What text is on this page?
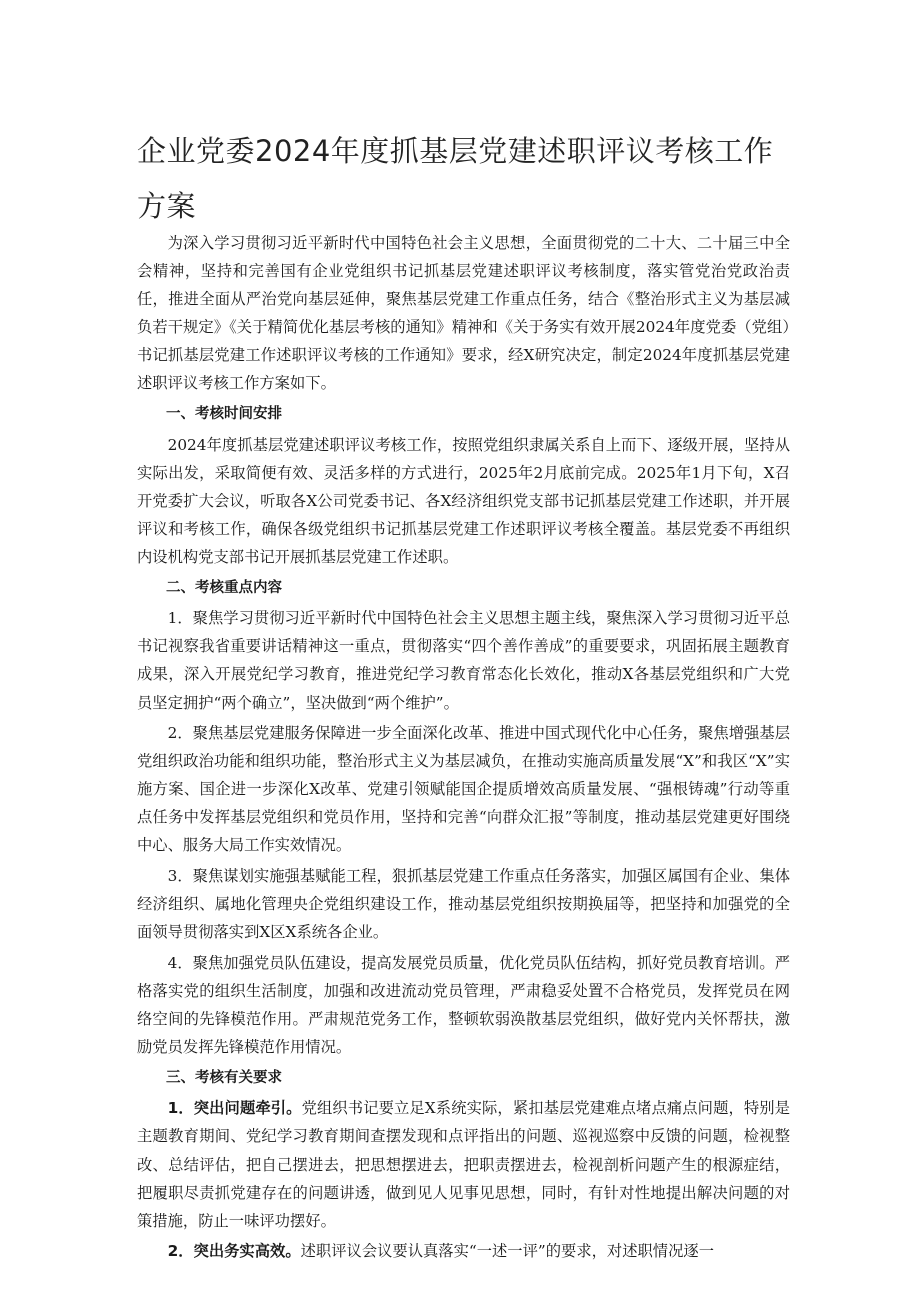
企业党委2024年度抓基层党建述职评议考核工作方案

为深入学习贯彻习近平新时代中国特色社会主义思想，全面贯彻党的二十大、二十届三中全会精神，坚持和完善国有企业党组织书记抓基层党建述职评议考核制度，落实管党治党政治责任，推进全面从严治党向基层延伸，聚焦基层党建工作重点任务，结合《整治形式主义为基层减负若干规定》《关于精简优化基层考核的通知》精神和《关于务实有效开展2024年度党委（党组）书记抓基层党建工作述职评议考核的工作通知》要求，经X研究决定，制定2024年度抓基层党建述职评议考核工作方案如下。

一、考核时间安排

2024年度抓基层党建述职评议考核工作，按照党组织隶属关系自上而下、逐级开展，坚持从实际出发，采取简便有效、灵活多样的方式进行，2025年2月底前完成。2025年1月下旬，X召开党委扩大会议，听取各X公司党委书记、各X经济组织党支部书记抓基层党建工作述职，并开展评议和考核工作，确保各级党组织书记抓基层党建工作述职评议考核全覆盖。基层党委不再组织内设机构党支部书记开展抓基层党建工作述职。

二、考核重点内容

1．聚焦学习贯彻习近平新时代中国特色社会主义思想主题主线，聚焦深入学习贯彻习近平总书记视察我省重要讲话精神这一重点，贯彻落实“四个善作善成”的重要要求，巩固拓展主题教育成果，深入开展党纪学习教育，推进党纪学习教育常态化长效化，推动X各基层党组织和广大党员坚定拥护“两个确立”，坚决做到“两个维护”。

2．聚焦基层党建服务保障进一步全面深化改革、推进中国式现代化中心任务，聚焦增强基层党组织政治功能和组织功能，整治形式主义为基层减负，在推动实施高质量发展“X”和我区“X”实施方案、国企进一步深化X改革、党建引领赋能国企提质增效高质量发展、“强根铸魂”行动等重点任务中发挥基层党组织和党员作用，坚持和完善“向群众汇报”等制度，推动基层党建更好围绕中心、服务大局工作实效情况。

3．聚焦谋划实施强基赋能工程，狠抓基层党建工作重点任务落实，加强区属国有企业、集体经济组织、属地化管理央企党组织建设工作，推动基层党组织按期换届等，把坚持和加强党的全面领导贯彻落实到X区X系统各企业。

4．聚焦加强党员队伍建设，提高发展党员质量，优化党员队伍结构，抓好党员教育培训。严格落实党的组织生活制度，加强和改进流动党员管理，严肃稳妥处置不合格党员，发挥党员在网络空间的先锋模范作用。严肃规范党务工作，整顿软弱涣散基层党组织，做好党内关怀帮扶，激励党员发挥先锋模范作用情况。

三、考核有关要求

1．突出问题牵引。党组织书记要立足X系统实际，紧扣基层党建难点堵点痛点问题，特别是主题教育期间、党纪学习教育期间查摆发现和点评指出的问题、巡视巡察中反馈的问题，检视整改、总结评估，把自己摆进去，把思想摆进去，把职责摆进去，检视剖析问题产生的根源症结，把履职尽责抓党建存在的问题讲透，做到见人见事见思想，同时，有针对性地提出解决问题的对策措施，防止一味评功摆好。

2．突出务实高效。述职评议会议要认真落实“一述一评”的要求，对述职情况逐一
